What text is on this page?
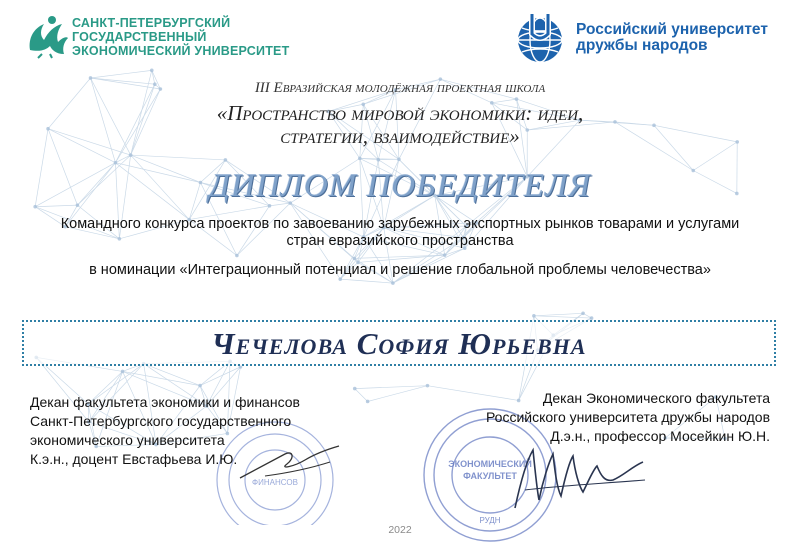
САНКТ-ПЕТЕРБУРГСКИЙ
ГОСУДАРСТВЕННЫЙ
ЭКОНОМИЧЕСКИЙ УНИВЕРСИТЕТ
Российский университет
дружбы народов
III Евразийская молодёжная проектная школа
«Пространство мировой экономики: идеи,
стратегии, взаимодействие»
ДИПЛОМ ПОБЕДИТЕЛЯ
Командного конкурса проектов по завоеванию зарубежных экспортных рынков товарами и услугами
стран евразийского пространства
в номинации «Интеграционный потенциал и решение глобальной проблемы человечества»
Чечелова София Юрьевна
ФИНАНСОВ
ЭКОНОМИЧЕСКИЙ
ФАКУЛЬТЕТ
РУДН
Декан факультета экономики и финансов
Санкт-Петербургского государственного
экономического университета
К.э.н., доцент Евстафьева И.Ю.
Декан Экономического факультета
Российского университета дружбы народов
Д.э.н., профессор Мосейкин Ю.Н.
2022
